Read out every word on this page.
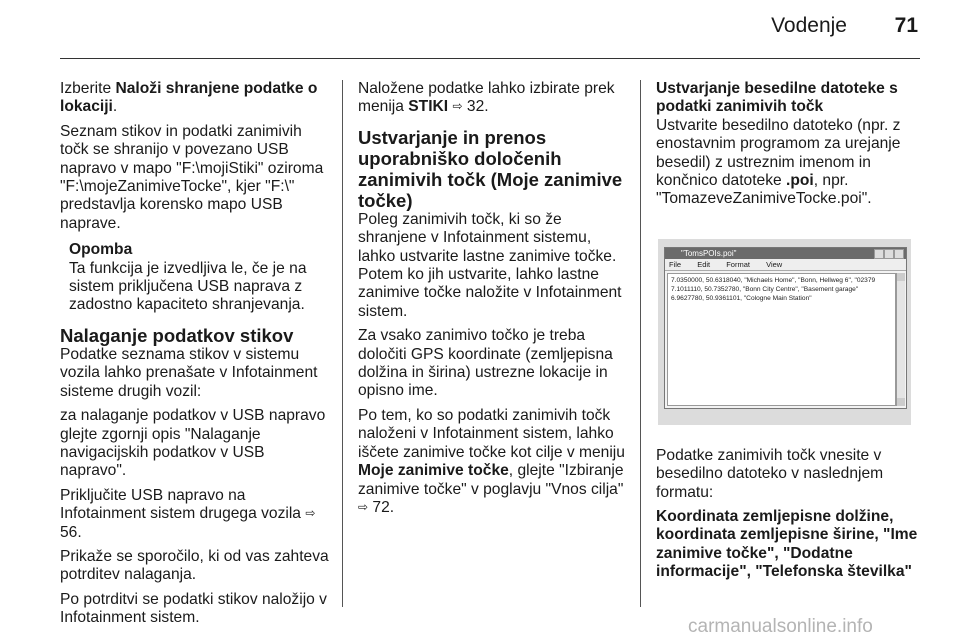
Vodenje 71

Izberite Naloži shranjene podatke o lokaciji.

Seznam stikov in podatki zanimivih točk se shranijo v povezano USB napravo v mapo "F:\mojiStiki" oziroma "F:\mojeZanimiveTocke", kjer "F:\" predstavlja korensko mapo USB naprave.

Opomba
Ta funkcija je izvedljiva le, če je na sistem priključena USB naprava z zadostno kapaciteto shranjevanja.
Nalaganje podatkov stikov

Podatke seznama stikov v sistemu vozila lahko prenašate v Infotainment sisteme drugih vozil:

za nalaganje podatkov v USB napravo glejte zgornji opis "Nalaganje navigacijskih podatkov v USB napravo".

Priključite USB napravo na Infotainment sistem drugega vozila ⇨ 56.

Prikaže se sporočilo, ki od vas zahteva potrditev nalaganja.

Po potrditvi se podatki stikov naložijo v Infotainment sistem.

Naložene podatke lahko izbirate prek menija STIKI ⇨ 32.

Ustvarjanje in prenos uporabniško določenih zanimivih točk (Moje zanimive točke)

Poleg zanimivih točk, ki so že shranjene v Infotainment sistemu, lahko ustvarite lastne zanimive točke. Potem ko jih ustvarite, lahko lastne zanimive točke naložite v Infotainment sistem.

Za vsako zanimivo točko je treba določiti GPS koordinate (zemljepisna dolžina in širina) ustrezne lokacije in opisno ime.

Po tem, ko so podatki zanimivih točk naloženi v Infotainment sistem, lahko iščete zanimive točke kot cilje v meniju Moje zanimive točke, glejte "Izbiranje zanimive točke" v poglavju "Vnos cilja" ⇨ 72.

Ustvarjanje besedilne datoteke s podatki zanimivih točk

Ustvarite besedilno datoteko (npr. z enostavnim programom za urejanje besedil) z ustreznim imenom in končnico datoteke .poi, npr. "TomazeveZanimiveTocke.poi".

"TomsPOIs.poi"
File Edit Format View
7.0350000, 50.6318040, "Michaels Home", "Bonn, Hellweg 6", "02379
7.1011110, 50.7352780, "Bonn City Centre", "Basement garage"
6.9627780, 50.9361101, "Cologne Main Station"

Podatke zanimivih točk vnesite v besedilno datoteko v naslednjem formatu:

Koordinata zemljepisne dolžine, koordinata zemljepisne širine, "Ime zanimive točke", "Dodatne informacije", "Telefonska številka"

carmanualsonline.info
